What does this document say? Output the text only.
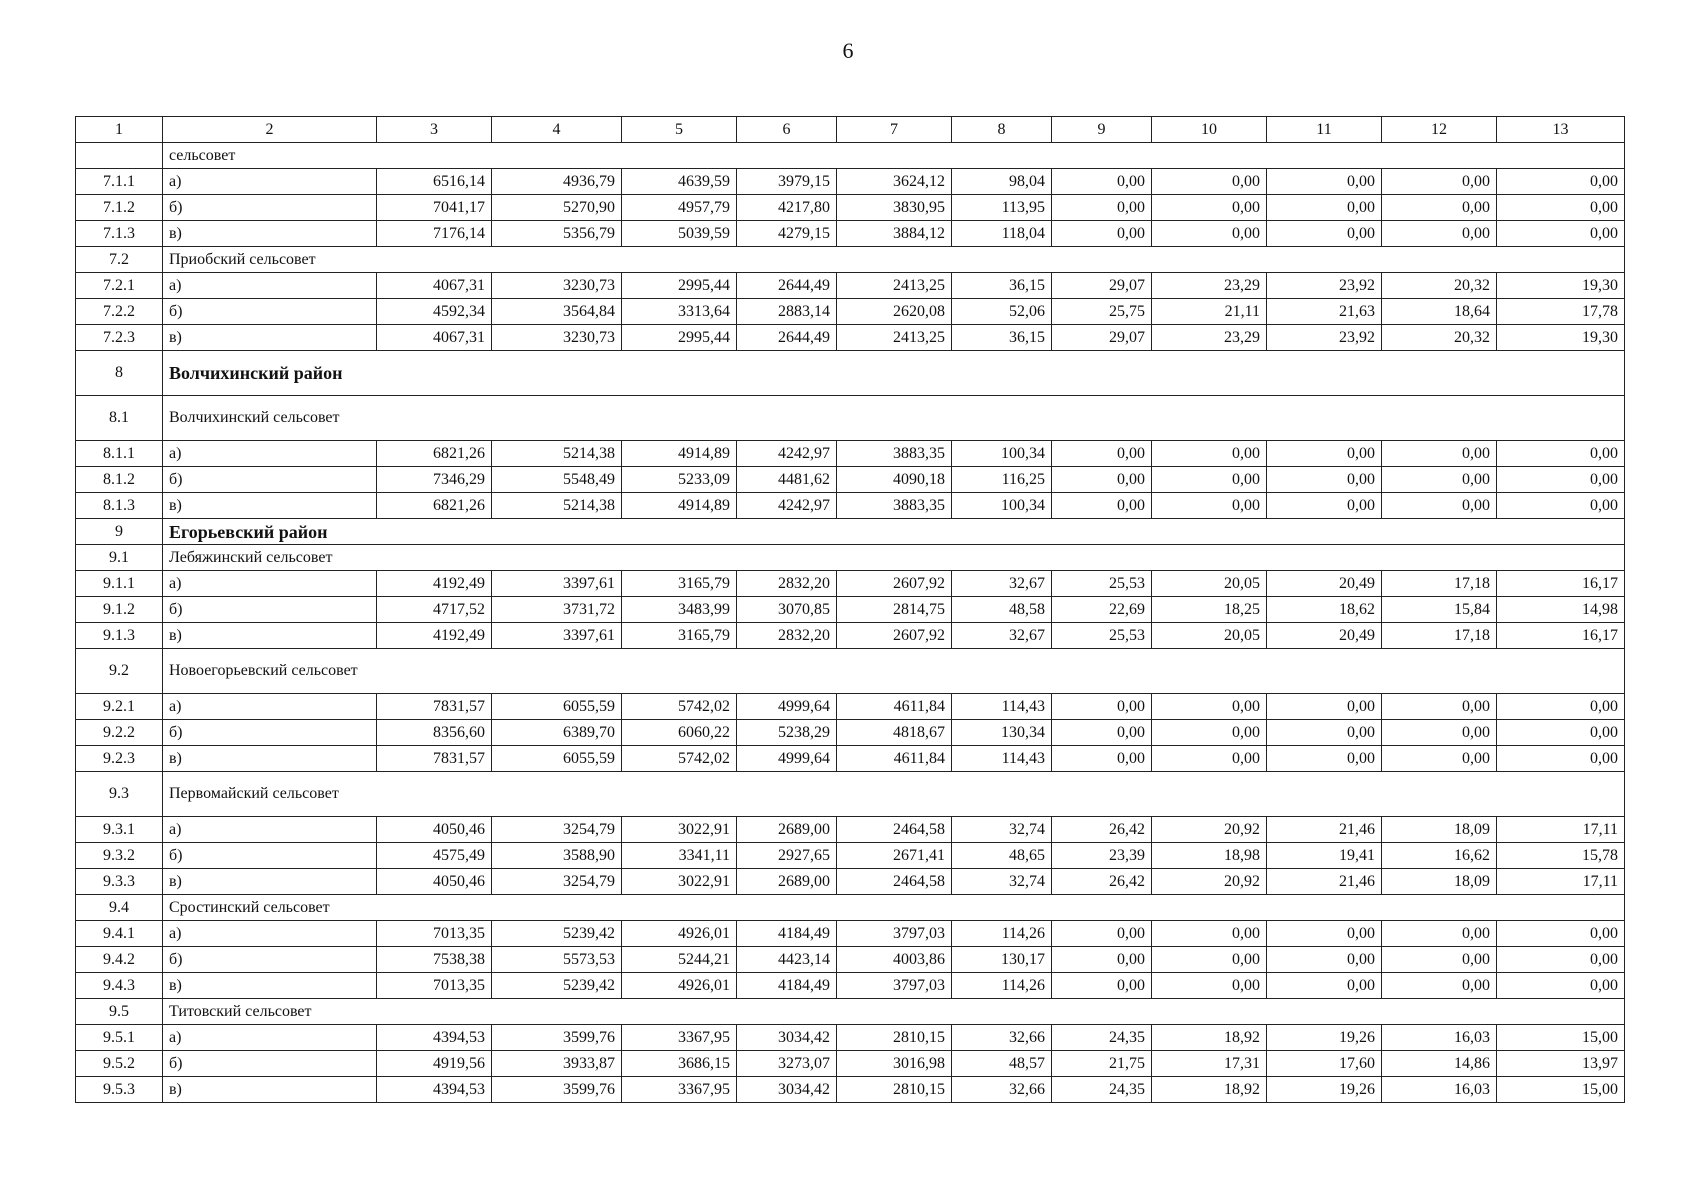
6
1	2	3	4	5	6	7	8	9	10	11	12	13
	сельсовет											
7.1.1	а)	6516,14	4936,79	4639,59	3979,15	3624,12	98,04	0,00	0,00	0,00	0,00	0,00
7.1.2	б)	7041,17	5270,90	4957,79	4217,80	3830,95	113,95	0,00	0,00	0,00	0,00	0,00
7.1.3	в)	7176,14	5356,79	5039,59	4279,15	3884,12	118,04	0,00	0,00	0,00	0,00	0,00
7.2	Приобский сельсовет											
7.2.1	а)	4067,31	3230,73	2995,44	2644,49	2413,25	36,15	29,07	23,29	23,92	20,32	19,30
7.2.2	б)	4592,34	3564,84	3313,64	2883,14	2620,08	52,06	25,75	21,11	21,63	18,64	17,78
7.2.3	в)	4067,31	3230,73	2995,44	2644,49	2413,25	36,15	29,07	23,29	23,92	20,32	19,30
8	Волчихинский район											
8.1	Волчихинский сельсовет											
8.1.1	а)	6821,26	5214,38	4914,89	4242,97	3883,35	100,34	0,00	0,00	0,00	0,00	0,00
8.1.2	б)	7346,29	5548,49	5233,09	4481,62	4090,18	116,25	0,00	0,00	0,00	0,00	0,00
8.1.3	в)	6821,26	5214,38	4914,89	4242,97	3883,35	100,34	0,00	0,00	0,00	0,00	0,00
9	Егорьевский район											
9.1	Лебяжинский сельсовет											
9.1.1	а)	4192,49	3397,61	3165,79	2832,20	2607,92	32,67	25,53	20,05	20,49	17,18	16,17
9.1.2	б)	4717,52	3731,72	3483,99	3070,85	2814,75	48,58	22,69	18,25	18,62	15,84	14,98
9.1.3	в)	4192,49	3397,61	3165,79	2832,20	2607,92	32,67	25,53	20,05	20,49	17,18	16,17
9.2	Новоегорьевский сельсовет											
9.2.1	а)	7831,57	6055,59	5742,02	4999,64	4611,84	114,43	0,00	0,00	0,00	0,00	0,00
9.2.2	б)	8356,60	6389,70	6060,22	5238,29	4818,67	130,34	0,00	0,00	0,00	0,00	0,00
9.2.3	в)	7831,57	6055,59	5742,02	4999,64	4611,84	114,43	0,00	0,00	0,00	0,00	0,00
9.3	Первомайский сельсовет											
9.3.1	а)	4050,46	3254,79	3022,91	2689,00	2464,58	32,74	26,42	20,92	21,46	18,09	17,11
9.3.2	б)	4575,49	3588,90	3341,11	2927,65	2671,41	48,65	23,39	18,98	19,41	16,62	15,78
9.3.3	в)	4050,46	3254,79	3022,91	2689,00	2464,58	32,74	26,42	20,92	21,46	18,09	17,11
9.4	Сростинский сельсовет											
9.4.1	а)	7013,35	5239,42	4926,01	4184,49	3797,03	114,26	0,00	0,00	0,00	0,00	0,00
9.4.2	б)	7538,38	5573,53	5244,21	4423,14	4003,86	130,17	0,00	0,00	0,00	0,00	0,00
9.4.3	в)	7013,35	5239,42	4926,01	4184,49	3797,03	114,26	0,00	0,00	0,00	0,00	0,00
9.5	Титовский сельсовет											
9.5.1	а)	4394,53	3599,76	3367,95	3034,42	2810,15	32,66	24,35	18,92	19,26	16,03	15,00
9.5.2	б)	4919,56	3933,87	3686,15	3273,07	3016,98	48,57	21,75	17,31	17,60	14,86	13,97
9.5.3	в)	4394,53	3599,76	3367,95	3034,42	2810,15	32,66	24,35	18,92	19,26	16,03	15,00
